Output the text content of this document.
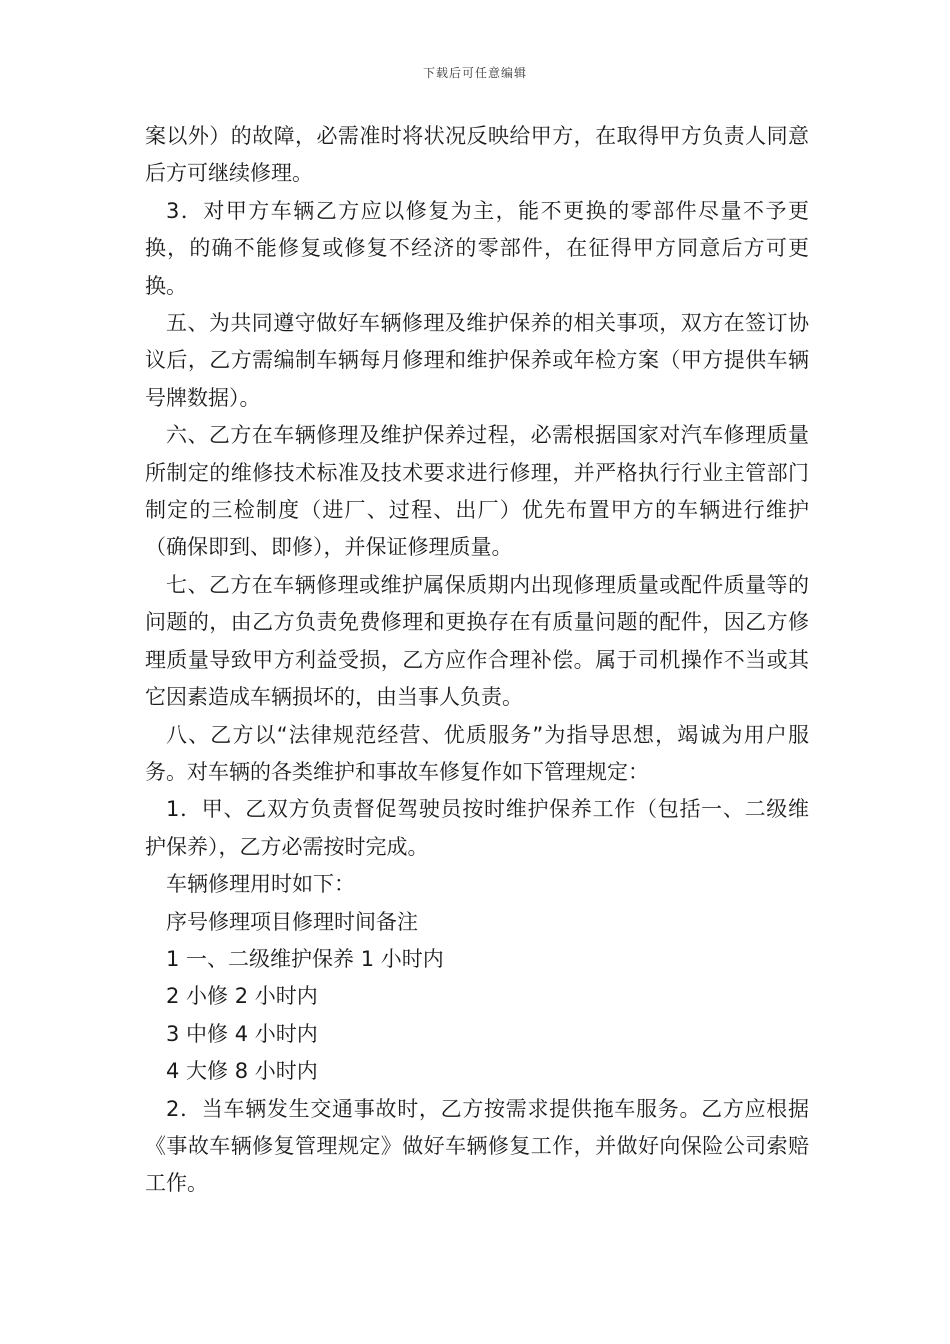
下载后可任意编辑

案以外）的故障，必需准时将状况反映给甲方，在取得甲方负责人同意后方可继续修理。

3．对甲方车辆乙方应以修复为主，能不更换的零部件尽量不予更换，的确不能修复或修复不经济的零部件，在征得甲方同意后方可更换。

五、为共同遵守做好车辆修理及维护保养的相关事项，双方在签订协议后，乙方需编制车辆每月修理和维护保养或年检方案（甲方提供车辆号牌数据）。

六、乙方在车辆修理及维护保养过程，必需根据国家对汽车修理质量所制定的维修技术标准及技术要求进行修理，并严格执行行业主管部门制定的三检制度（进厂、过程、出厂）优先布置甲方的车辆进行维护（确保即到、即修），并保证修理质量。

七、乙方在车辆修理或维护属保质期内出现修理质量或配件质量等的问题的，由乙方负责免费修理和更换存在有质量问题的配件，因乙方修理质量导致甲方利益受损，乙方应作合理补偿。属于司机操作不当或其它因素造成车辆损坏的，由当事人负责。

八、乙方以“法律规范经营、优质服务”为指导思想，竭诚为用户服务。对车辆的各类维护和事故车修复作如下管理规定：

1．甲、乙双方负责督促驾驶员按时维护保养工作（包括一、二级维护保养），乙方必需按时完成。

车辆修理用时如下：

序号修理项目修理时间备注

1 一、二级维护保养 1 小时内

2 小修 2 小时内

3 中修 4 小时内

4 大修 8 小时内

2．当车辆发生交通事故时，乙方按需求提供拖车服务。乙方应根据《事故车辆修复管理规定》做好车辆修复工作，并做好向保险公司索赔工作。
